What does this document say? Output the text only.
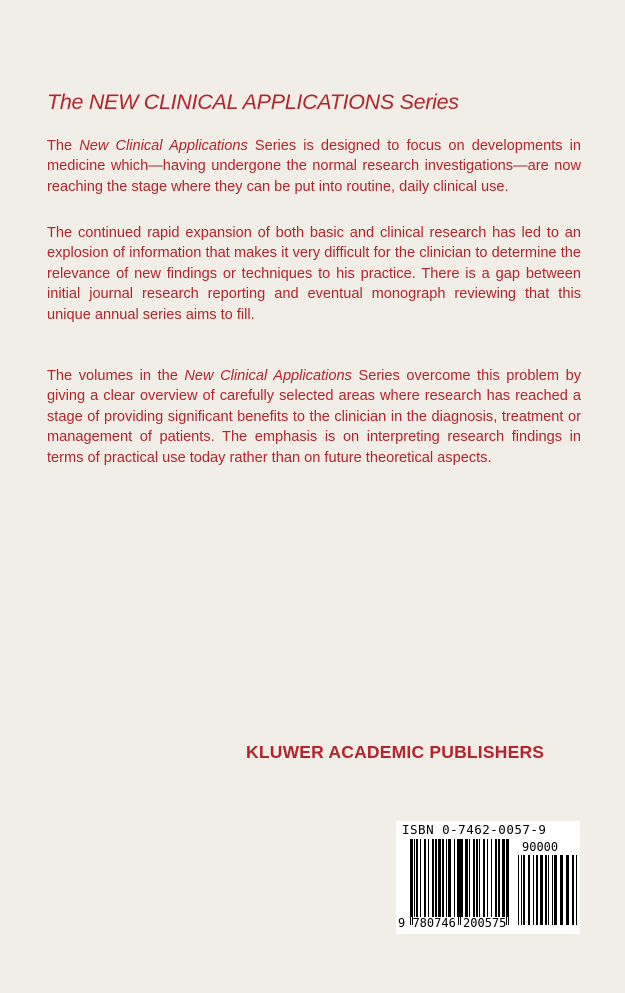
The NEW CLINICAL APPLICATIONS Series

The New Clinical Applications Series is designed to focus on developments in medicine which—having undergone the normal research investigations—are now reaching the stage where they can be put into routine, daily clinical use.

The continued rapid expansion of both basic and clinical research has led to an explosion of information that makes it very difficult for the clinician to determine the relevance of new findings or techniques to his practice. There is a gap between initial journal research reporting and eventual monograph reviewing that this unique annual series aims to fill.

The volumes in the New Clinical Applications Series overcome this problem by giving a clear overview of carefully selected areas where research has reached a stage of providing significant benefits to the clinician in the diagnosis, treatment or management of patients. The emphasis is on interpreting research findings in terms of practical use today rather than on future theoretical aspects.

KLUWER ACADEMIC PUBLISHERS
ISBN 0-7462-0057-9
90000
9 780746 200575
